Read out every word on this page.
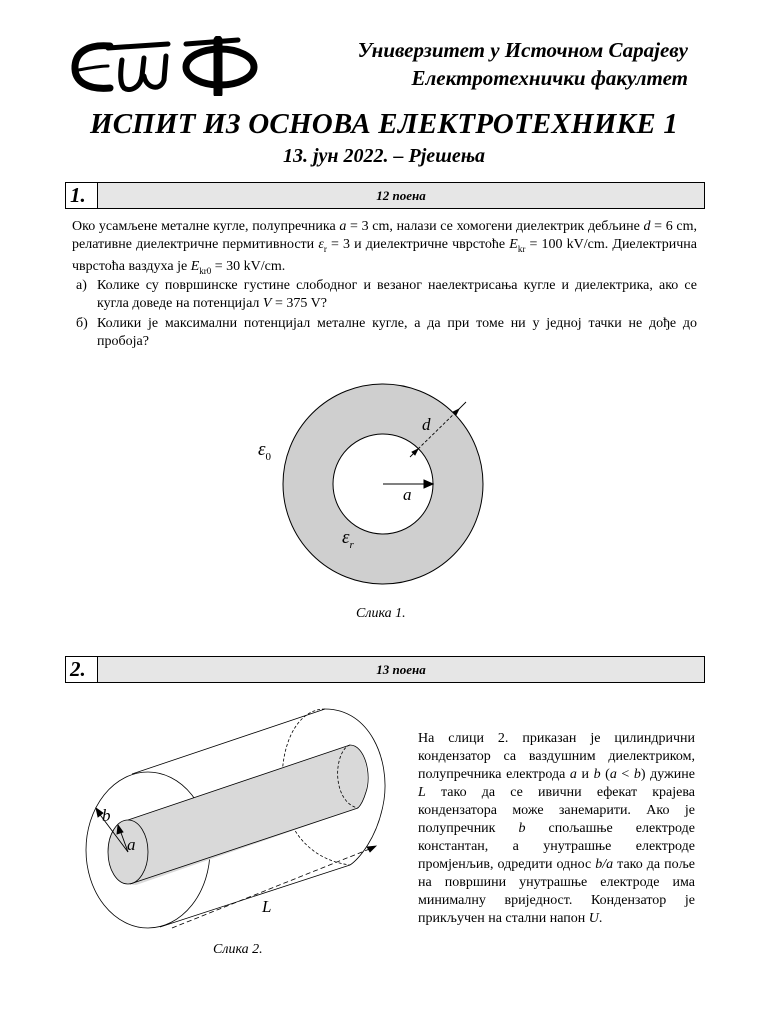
Универзитет у Источном Сарајеву
Електротехнички факултет
ИСПИТ ИЗ ОСНОВА ЕЛЕКТРОТЕХНИКЕ 1
13. јун 2022. – Рјешења
1.	12 поена
Око усамљене металне кугле, полупречника a = 3 cm, налази се хомогени диелектрик дебљине d = 6 cm, релативне диелектричне пермитивности $\varepsilon_r = 3$ и диелектричне чврстоће $E_{kr} = 100$ kV/cm. Диелектрична чврстоћа ваздуха је $E_{kr0} = 30$ kV/cm.
а) Колике су површинске густине слободног и везаног наелектрисања кугле и диелектрика, ако се кугла доведе на потенцијал V = 375 V?
б) Колики је максимални потенцијал металне кугле, а да при томе ни у једној тачки не дође до пробоја?
d
a
$\varepsilon_0$
$\varepsilon_r$
Слика 1.
2.	13 поена
b
a
L
Слика 2.
На слици 2. приказан је цилиндрични кондензатор са ваздушним диелектриком, полупречника електрода a и b (a < b) дужине L тако да се ивични ефекат крајева кондензатора може занемарити. Ако је полупречник b спољашње електроде константан, а унутрашње електроде промјенљив, одредити однос b/a тако да поље на површини унутрашње електроде има минималну вриједност. Кондензатор је прикључен на стални напон U.
